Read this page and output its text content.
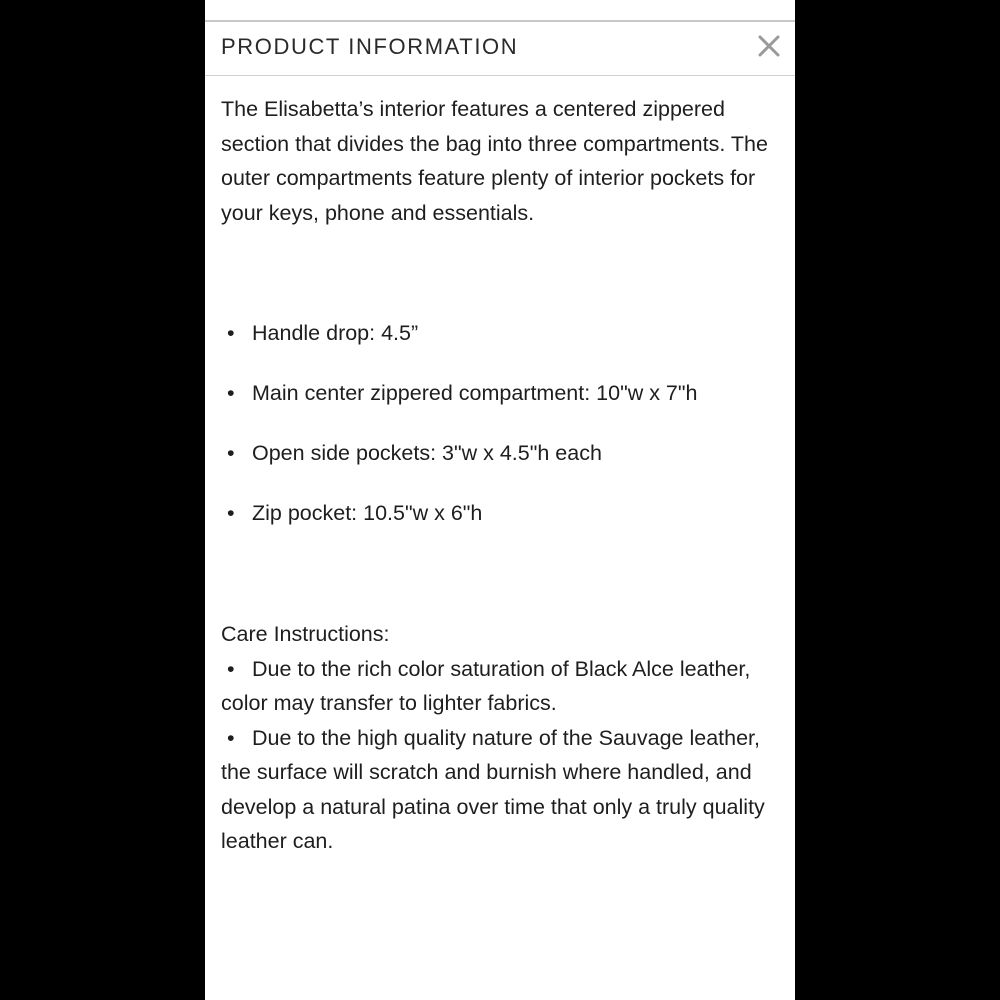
PRODUCT INFORMATION

The Elisabetta’s interior features a centered zippered section that divides the bag into three compartments. The outer compartments feature plenty of interior pockets for your keys, phone and essentials.

• Handle drop: 4.5”
• Main center zippered compartment: 10"w x 7"h
• Open side pockets: 3"w x 4.5"h each
• Zip pocket: 10.5"w x 6"h

Care Instructions:

• Due to the rich color saturation of Black Alce leather, color may transfer to lighter fabrics.

• Due to the high quality nature of the Sauvage leather, the surface will scratch and burnish where handled, and develop a natural patina over time that only a truly quality leather can.
